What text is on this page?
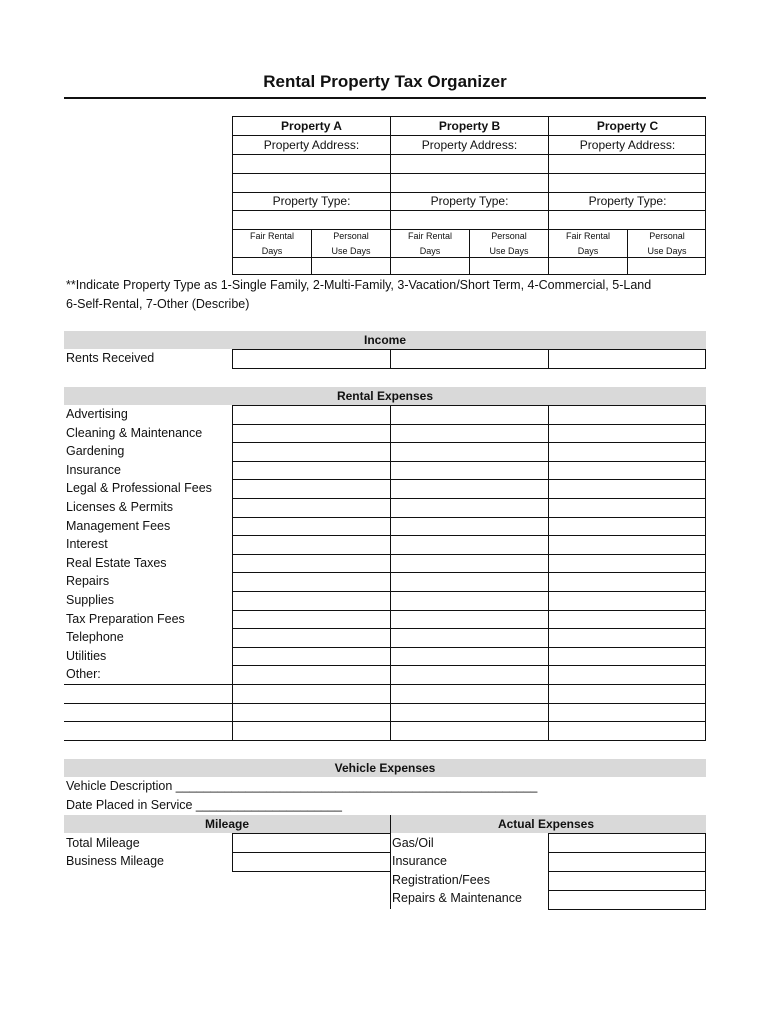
Rental Property Tax Organizer
Property A
Property Address:
Property Type:
Fair Rental
Days
Personal
Use Days
Property B
Property Address:
Property Type:
Fair Rental
Days
Personal
Use Days
Property C
Property Address:
Property Type:
Fair Rental
Days
Personal
Use Days
**Indicate Property Type as 1-Single Family, 2-Multi-Family, 3-Vacation/Short Term, 4-Commercial, 5-Land
6-Self-Rental, 7-Other (Describe)
Income
Rents Received
Rental Expenses
Advertising
Cleaning & Maintenance
Gardening
Insurance
Legal & Professional Fees
Licenses & Permits
Management Fees
Interest
Real Estate Taxes
Repairs
Supplies
Tax Preparation Fees
Telephone
Utilities
Other:
Vehicle Expenses
Vehicle Description ____________________________________________________
Date Placed in Service _____________________
Mileage	Actual Expenses
Total Mileage
Business Mileage
Gas/Oil
Insurance
Registration/Fees
Repairs & Maintenance
